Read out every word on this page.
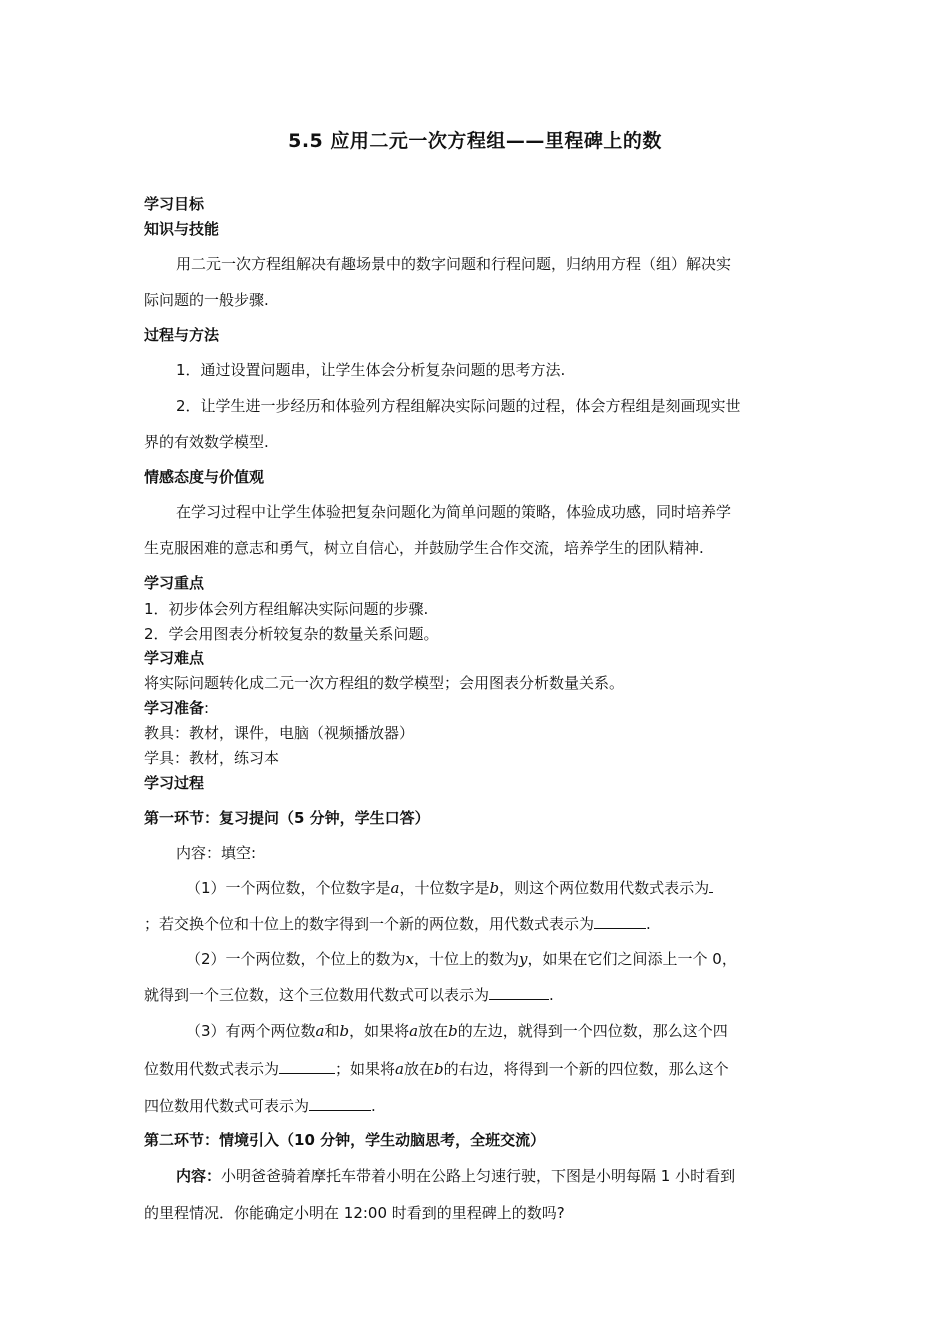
5.5 应用二元一次方程组——里程碑上的数
学习目标
知识与技能
用二元一次方程组解决有趣场景中的数字问题和行程问题，归纳用方程（组）解决实
际问题的一般步骤.
过程与方法
1．通过设置问题串，让学生体会分析复杂问题的思考方法.
2．让学生进一步经历和体验列方程组解决实际问题的过程，体会方程组是刻画现实世
界的有效数学模型.
情感态度与价值观
在学习过程中让学生体验把复杂问题化为简单问题的策略，体验成功感，同时培养学
生克服困难的意志和勇气，树立自信心，并鼓励学生合作交流，培养学生的团队精神.
学习重点
1．初步体会列方程组解决实际问题的步骤.
2．学会用图表分析较复杂的数量关系问题。
学习难点
将实际问题转化成二元一次方程组的数学模型；会用图表分析数量关系。
学习准备:
教具：教材，课件，电脑（视频播放器）
学具：教材，练习本
学习过程
第一环节：复习提问（5 分钟，学生口答）
内容：填空:
（1）一个两位数，个位数字是a，十位数字是b，则这个两位数用代数式表示为
；若交换个位和十位上的数字得到一个新的两位数，用代数式表示为	.
（2）一个两位数，个位上的数为x，十位上的数为y，如果在它们之间添上一个 0，
就得到一个三位数，这个三位数用代数式可以表示为	.
（3）有两个两位数a和b，如果将a放在b的左边，就得到一个四位数，那么这个四
位数用代数式表示为	；如果将a放在b的右边，将得到一个新的四位数，那么这个
四位数用代数式可表示为	.
第二环节：情境引入（10 分钟，学生动脑思考，全班交流）
内容：小明爸爸骑着摩托车带着小明在公路上匀速行驶，下图是小明每隔 1 小时看到
的里程情况．你能确定小明在 12:00 时看到的里程碑上的数吗?
